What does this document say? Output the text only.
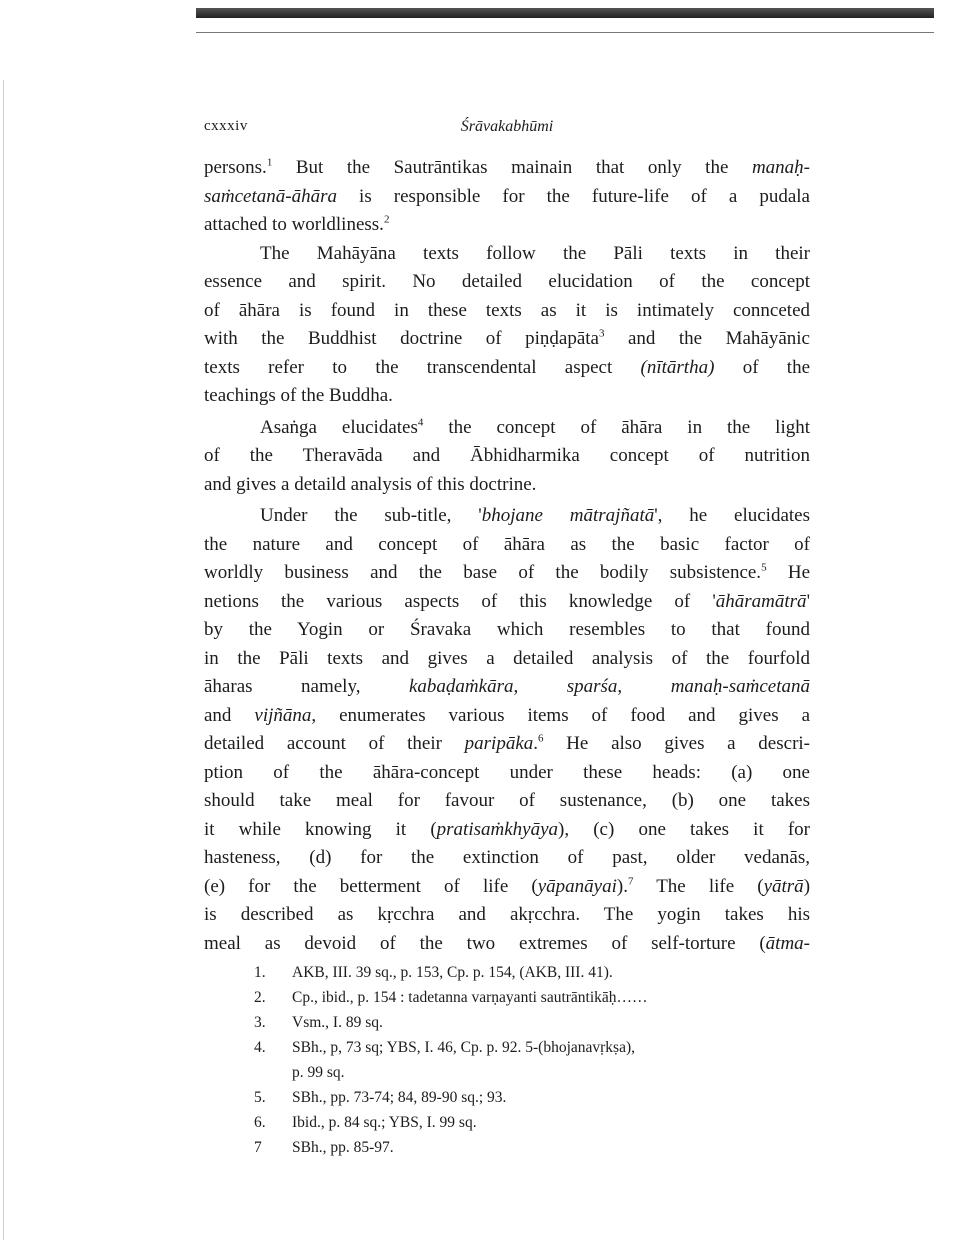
cxxxiv	Śrāvakabhūmi
persons.$^1$ But the Sautrāntikas mainain that only the manaḥ-
saṁcetanā-āhāra is responsible for the future-life of a pudala
attached to worldliness.$^2$
The Mahāyāna texts follow the Pāli texts in their
essence and spirit. No detailed elucidation of the concept
of āhāra is found in these texts as it is intimately connceted
with the Buddhist doctrine of piṇḍapāta$^3$ and the Mahāyānic
texts refer to the transcendental aspect (nītārtha) of the
teachings of the Buddha.
Asaṅga elucidates$^4$ the concept of āhāra in the light
of the Theravāda and Ābhidharmika concept of nutrition
and gives a detaild analysis of this doctrine.
Under the sub-title, 'bhojane mātrajñatā', he elucidates
the nature and concept of āhāra as the basic factor of
worldly business and the base of the bodily subsistence.$^5$ He
netions the various aspects of this knowledge of 'āhāramātrā'
by the Yogin or Śravaka which resembles to that found
in the Pāli texts and gives a detailed analysis of the fourfold
āharas namely, kabaḍaṁkāra, sparśa, manaḥ-saṁcetanā
and vijñāna, enumerates various items of food and gives a
detailed account of their paripāka.$^6$ He also gives a descri-
ption of the āhāra-concept under these heads: (a) one
should take meal for favour of sustenance, (b) one takes
it while knowing it (pratisaṁkhyāya), (c) one takes it for
hasteness, (d) for the extinction of past, older vedanās,
(e) for the betterment of life (yāpanāyai).$^7$ The life (yātrā)
is described as kṛcchra and akṛcchra. The yogin takes his
meal as devoid of the two extremes of self-torture (ātma-
1. AKB, III. 39 sq., p. 153, Cp. p. 154, (AKB, III. 41).
2. Cp., ibid., p. 154 : tadetanna varṇayanti sautrāntikāḥ……
3. Vsm., I. 89 sq.
4. SBh., p, 73 sq; YBS, I. 46, Cp. p. 92. 5-(bhojanavṛkṣa),
p. 99 sq.
5. SBh., pp. 73-74; 84, 89-90 sq.; 93.
6. Ibid., p. 84 sq.; YBS, I. 99 sq.
7 SBh., pp. 85-97.
